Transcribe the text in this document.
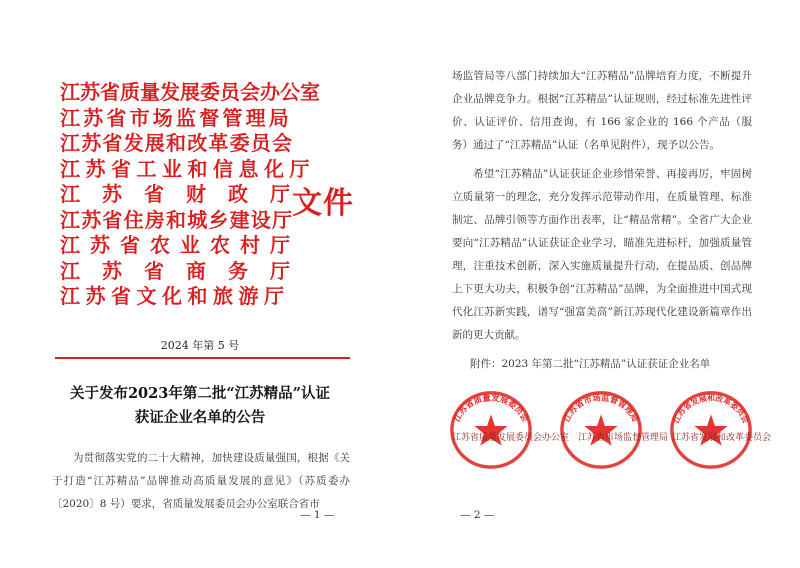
江苏省质量发展委员会办公室
江苏省市场监督管理局
江苏省发展和改革委员会
江苏省工业和信息化厅
江苏省财政厅
江苏省住房和城乡建设厅
江苏省农业农村厅
江苏省商务厅
江苏省文化和旅游厅
文件
2024 年第 5 号
关于发布2023年第二批“江苏精品”认证
获证企业名单的公告
为贯彻落实党的二十大精神，加快建设质量强国，根据《关于打造“江苏精品”品牌推动高质量发展的意见》（苏质委办〔2020〕8 号）要求，省质量发展委员会办公室联合省市
— 1 —
场监管局等八部门持续加大“江苏精品”品牌培育力度，不断提升企业品牌竞争力。根据“江苏精品”认证规则，经过标准先进性评价、认证评价、信用查询，有 166 家企业的 166 个产品（服务）通过了“江苏精品”认证（名单见附件），现予以公告。
希望“江苏精品”认证获证企业珍惜荣誉、再接再厉，牢固树立质量第一的理念，充分发挥示范带动作用，在质量管理、标准制定、品牌引领等方面作出表率，让“精品常精”。全省广大企业要向“江苏精品”认证获证企业学习，瞄准先进标杆，加强质量管理，注重技术创新，深入实施质量提升行动，在提品质、创品牌上下更大功夫，积极争创“江苏精品”品牌，为全面推进中国式现代化江苏新实践，谱写“强富美高”新江苏现代化建设新篇章作出新的更大贡献。
附件：2023 年第二批“江苏精品”认证获证企业名单
江苏省质量发展委员会	江苏省市场监督管理局	江苏省发展和改革委员会
江苏省质量发展委员会办公室 江苏省市场监督管理局 江苏省发展和改革委员会
— 2 —
